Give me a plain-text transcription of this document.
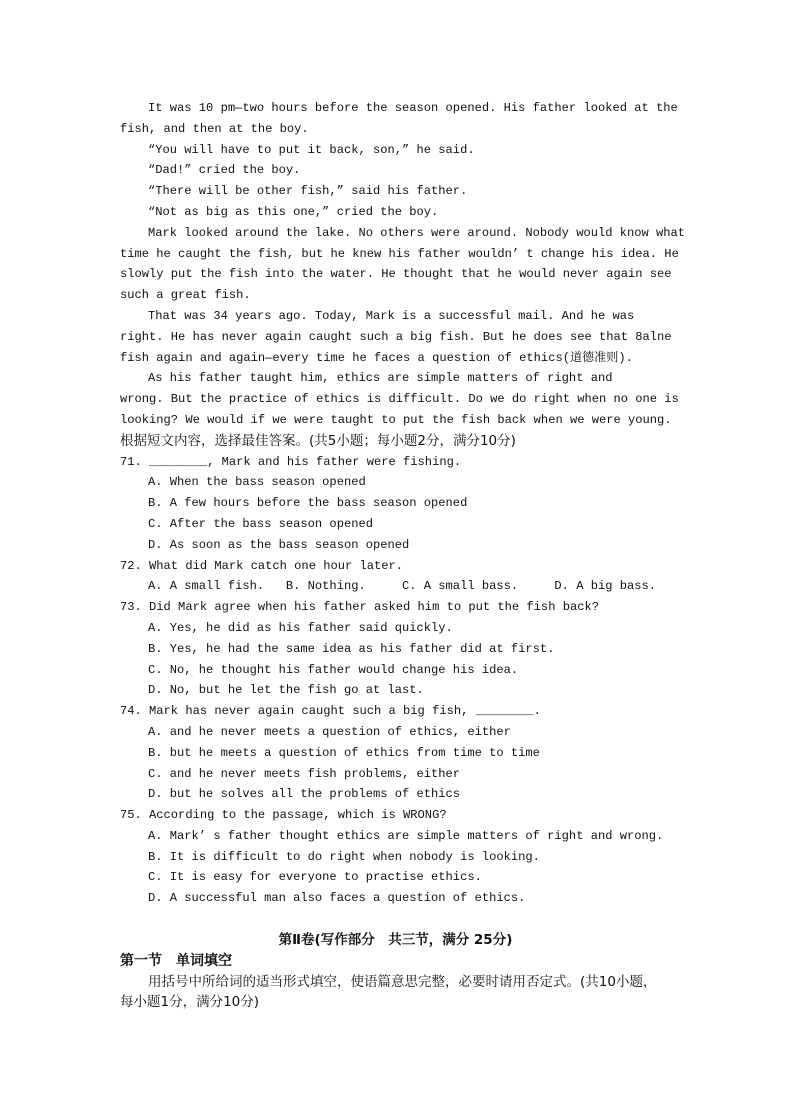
It was 10 pm—two hours before the season opened. His father looked at the
fish, and then at the boy.
“You will have to put it back, son,” he said.
“Dad!” cried the boy.
“There will be other fish,” said his father.
“Not as big as this one,” cried the boy.
Mark looked around the lake. No others were around. Nobody would know what
time he caught the fish, but he knew his father wouldn’ t change his idea. He
slowly put the fish into the water. He thought that he would never again see
such a great fish.
That was 34 years ago. Today, Mark is a successful mail. And he was
right. He has never again caught such a big fish. But he does see that 8alne
fish again and again—every time he faces a question of ethics(道德准则).
As his father taught him, ethics are simple matters of right and
wrong. But the practice of ethics is difficult. Do we do right when no one is
looking? We would if we were taught to put the fish back when we were young.
根据短文内容，选择最佳答案。(共5小题；每小题2分，满分10分)
71. ________, Mark and his father were fishing.
A. When the bass season opened
B. A few hours before the bass season opened
C. After the bass season opened
D. As soon as the bass season opened
72. What did Mark catch one hour later.
A. A small fish.   B. Nothing.     C. A small bass.     D. A big bass.
73. Did Mark agree when his father asked him to put the fish back?
A. Yes, he did as his father said quickly.
B. Yes, he had the same idea as his father did at first.
C. No, he thought his father would change his idea.
D. No, but he let the fish go at last.
74. Mark has never again caught such a big fish, ________.
A. and he never meets a question of ethics, either
B. but he meets a question of ethics from time to time
C. and he never meets fish problems, either
D. but he solves all the problems of ethics
75. According to the passage, which is WRONG?
A. Mark’ s father thought ethics are simple matters of right and wrong.
B. It is difficult to do right when nobody is looking.
C. It is easy for everyone to practise ethics.
D. A successful man also faces a question of ethics.
第Ⅱ卷(写作部分　共三节，满分 25分)
第一节　单词填空
用括号中所给词的适当形式填空，使语篇意思完整，必要时请用否定式。(共10小题，
每小题1分，满分10分)
